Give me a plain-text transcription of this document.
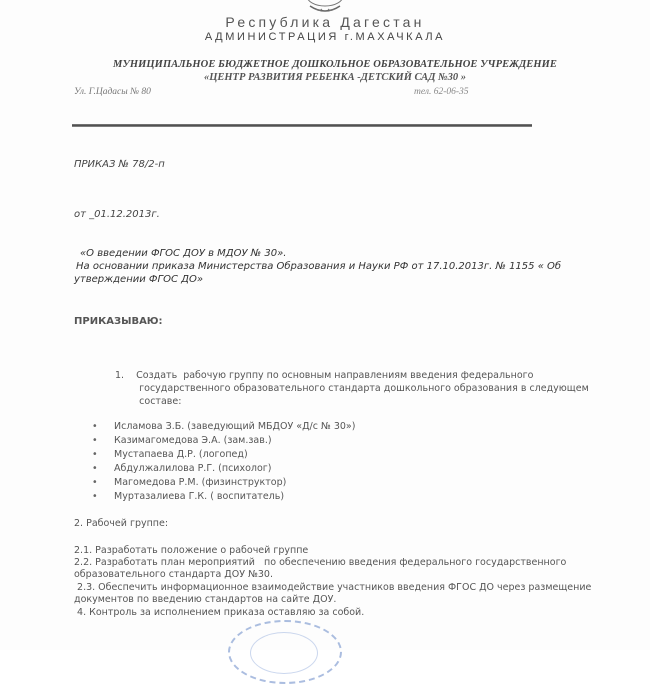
Республика Дагестан
АДМИНИСТРАЦИЯ г.МАХАЧКАЛА
МУНИЦИПАЛЬНОЕ БЮДЖЕТНОЕ ДОШКОЛЬНОЕ ОБРАЗОВАТЕЛЬНОЕ УЧРЕЖДЕНИЕ
«ЦЕНТР РАЗВИТИЯ РЕБЕНКА -ДЕТСКИЙ САД №30 »
Ул. Г.Цадасы № 80	тел. 62-06-35
ПРИКАЗ № 78/2-п
от _01.12.2013г.
«О введении ФГОС ДОУ в МДОУ № 30».
На основании приказа Министерства Образования и Науки РФ от 17.10.2013г. № 1155 « Об
утверждении ФГОС ДО»
ПРИКАЗЫВАЮ:
1.    Создать  рабочую группу по основным направлениям введения федерального
государственного образовательного стандарта дошкольного образования в следующем
составе:
• Исламова З.Б. (заведующий МБДОУ «Д/с № 30»)
• Казимагомедова Э.А. (зам.зав.)
• Мустапаева Д.Р. (логопед)
• Абдулжалилова Р.Г. (психолог)
• Магомедова Р.М. (физинструктор)
• Муртазалиева Г.К. ( воспитатель)
2. Рабочей группе:
2.1. Разработать положение о рабочей группе
2.2. Разработать план мероприятий   по обеспечению введения федерального государственного
образовательного стандарта ДОУ №30.
2.3. Обеспечить информационное взаимодействие участников введения ФГОС ДО через размещение
документов по введению стандартов на сайте ДОУ.
4. Контроль за исполнением приказа оставляю за собой.
